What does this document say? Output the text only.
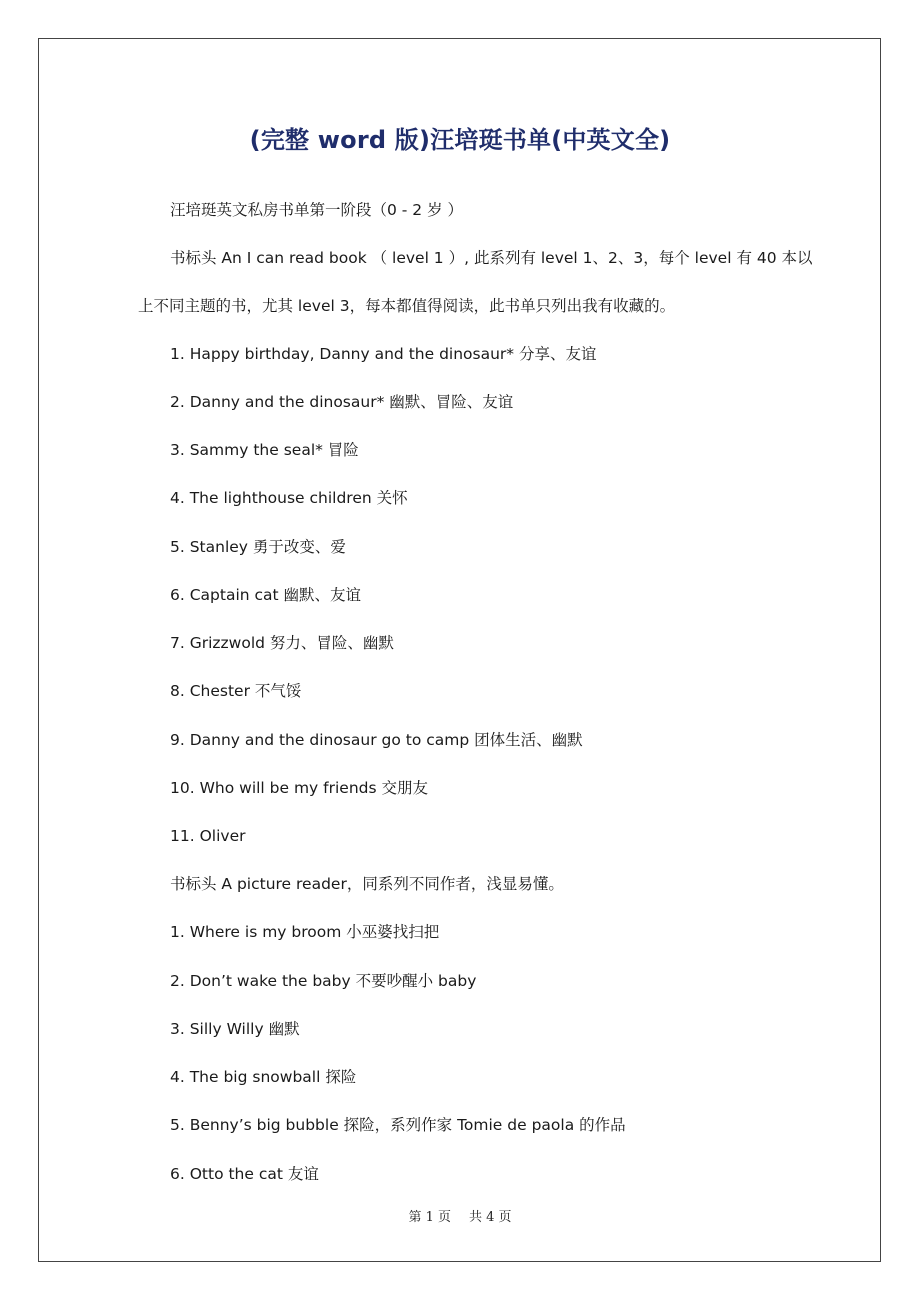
(完整 word 版)汪培珽书单(中英文全)
汪培珽英文私房书单第一阶段（0 - 2 岁 ）
书标头 An I can read book （ level 1 ）, 此系列有 level 1、2、3，每个 level 有 40 本以
上不同主题的书，尤其 level 3，每本都值得阅读，此书单只列出我有收藏的。
1. Happy birthday, Danny and the dinosaur* 分享、友谊
2. Danny and the dinosaur* 幽默、冒险、友谊
3. Sammy the seal* 冒险
4. The lighthouse children 关怀
5. Stanley 勇于改变、爱
6. Captain cat 幽默、友谊
7. Grizzwold 努力、冒险、幽默
8. Chester 不气馁
9. Danny and the dinosaur go to camp 团体生活、幽默
10. Who will be my friends 交朋友
11. Oliver
书标头 A picture reader，同系列不同作者，浅显易懂。
1. Where is my broom 小巫婆找扫把
2. Don’t wake the baby 不要吵醒小 baby
3. Silly Willy 幽默
4. The big snowball 探险
5. Benny’s big bubble 探险，系列作家 Tomie de paola 的作品
6. Otto the cat 友谊
第 1 页 共 4 页
